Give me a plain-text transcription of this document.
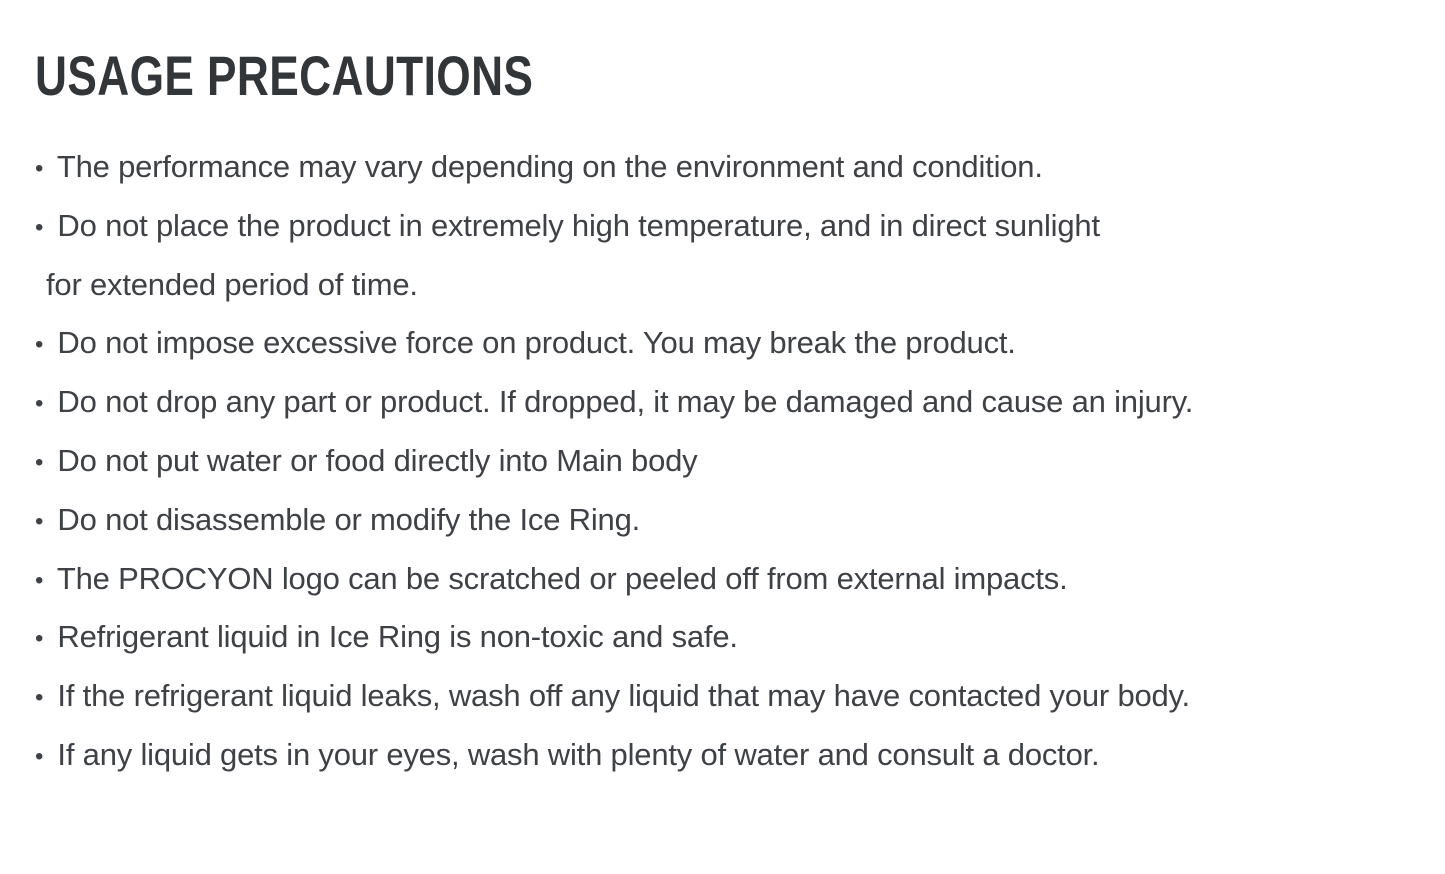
USAGE PRECAUTIONS
• The performance may vary depending on the environment and condition.
• Do not place the product in extremely high temperature, and in direct sunlight
for extended period of time.
• Do not impose excessive force on product. You may break the product.
• Do not drop any part or product. If dropped, it may be damaged and cause an injury.
• Do not put water or food directly into Main body
• Do not disassemble or modify the Ice Ring.
• The PROCYON logo can be scratched or peeled off from external impacts.
• Refrigerant liquid in Ice Ring is non-toxic and safe.
• If the refrigerant liquid leaks, wash off any liquid that may have contacted your body.
• If any liquid gets in your eyes, wash with plenty of water and consult a doctor.
